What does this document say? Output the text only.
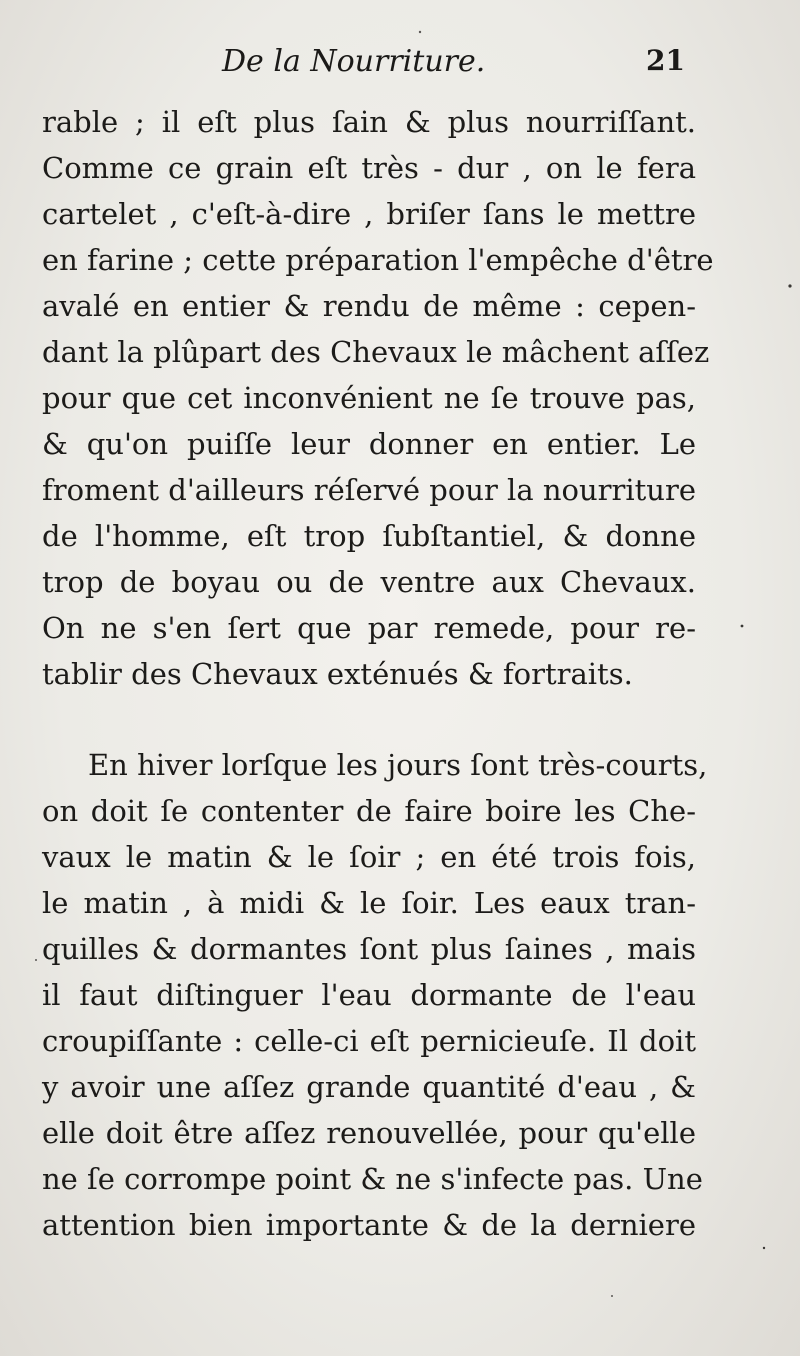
De la Nourriture.	21
rable ; il eſt plus ſain & plus nourriſſant.
Comme ce grain eſt très - dur , on le fera
cartelet , c'eſt-à-dire , briſer ſans le mettre
en farine ; cette préparation l'empêche d'être
avalé en entier & rendu de même : cepen-
dant la plûpart des Chevaux le mâchent aſſez
pour que cet inconvénient ne ſe trouve pas,
& qu'on puiſſe leur donner en entier. Le
froment d'ailleurs réſervé pour la nourriture
de l'homme, eſt trop ſubſtantiel, & donne
trop de boyau ou de ventre aux Chevaux.
On ne s'en ſert que par remede, pour re-
tablir des Chevaux exténués & fortraits.
En hiver lorſque les jours ſont très-courts,
on doit ſe contenter de faire boire les Che-
vaux le matin & le ſoir ; en été trois fois,
le matin , à midi & le ſoir. Les eaux tran-
quilles & dormantes ſont plus ſaines , mais
il faut diſtinguer l'eau dormante de l'eau
croupiſſante : celle-ci eſt pernicieuſe. Il doit
y avoir une aſſez grande quantité d'eau , &
elle doit être aſſez renouvellée, pour qu'elle
ne ſe corrompe point & ne s'infecte pas. Une
attention bien importante & de la derniere
